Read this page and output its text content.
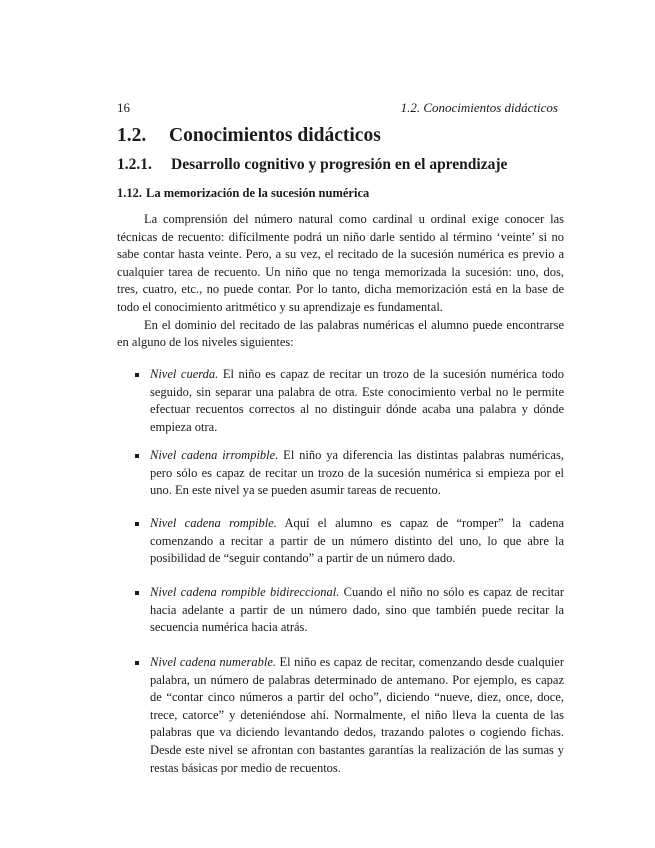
16	1.2. Conocimientos didácticos
1.2. Conocimientos didácticos
1.2.1. Desarrollo cognitivo y progresión en el aprendizaje
1.12. La memorización de la sucesión numérica

La comprensión del número natural como cardinal u ordinal exige conocer las técnicas de recuento: difícilmente podrá un niño darle sentido al término ‘veinte’ si no sabe contar hasta veinte. Pero, a su vez, el recitado de la sucesión numérica es previo a cualquier tarea de recuento. Un niño que no tenga memorizada la sucesión: uno, dos, tres, cuatro, etc., no puede contar. Por lo tanto, dicha memorización está en la base de todo el conocimiento aritmético y su aprendizaje es fundamental.

En el dominio del recitado de las palabras numéricas el alumno puede encontrarse en alguno de los niveles siguientes:

Nivel cuerda. El niño es capaz de recitar un trozo de la sucesión numérica todo seguido, sin separar una palabra de otra. Este conocimiento verbal no le permite efectuar recuentos correctos al no distinguir dónde acaba una palabra y dónde empieza otra.

Nivel cadena irrompible. El niño ya diferencia las distintas palabras numéricas, pero sólo es capaz de recitar un trozo de la sucesión numérica si empieza por el uno. En este nivel ya se pueden asumir tareas de recuento.

Nivel cadena rompible. Aquí el alumno es capaz de “romper” la cadena comenzando a recitar a partir de un número distinto del uno, lo que abre la posibilidad de “seguir contando” a partir de un número dado.

Nivel cadena rompible bidireccional. Cuando el niño no sólo es capaz de recitar hacia adelante a partir de un número dado, sino que también puede recitar la secuencia numérica hacia atrás.

Nivel cadena numerable. El niño es capaz de recitar, comenzando desde cualquier palabra, un número de palabras determinado de antemano. Por ejemplo, es capaz de “contar cinco números a partir del ocho”, diciendo “nueve, diez, once, doce, trece, catorce” y deteniéndose ahí. Normalmente, el niño lleva la cuenta de las palabras que va diciendo levantando dedos, trazando palotes o cogiendo fichas. Desde este nivel se afrontan con bastantes garantías la realización de las sumas y restas básicas por medio de recuentos.
